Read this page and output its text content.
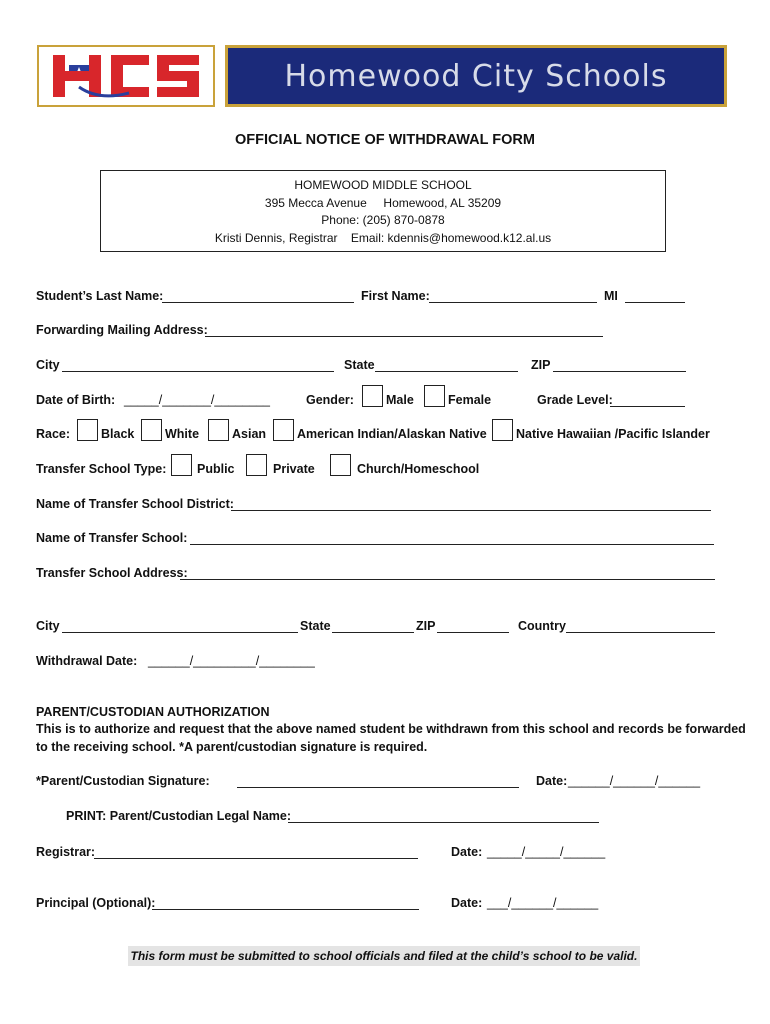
Homewood City Schools
OFFICIAL NOTICE OF WITHDRAWAL FORM
HOMEWOOD MIDDLE SCHOOL
395 Mecca Avenue     Homewood, AL 35209
Phone: (205) 870-0878
Kristi Dennis, Registrar    Email: kdennis@homewood.k12.al.us
Student’s Last Name:	First Name:	MI
Forwarding Mailing Address:
City	State	ZIP
Date of Birth: _____/_______/________	Gender:	Male	Female	Grade Level:
Race: Black White	Asian American Indian/Alaskan Native Native Hawaiian /Pacific Islander
Transfer School Type: Public	Private	Church/Homeschool
Name of Transfer School District:
Name of Transfer School:
Transfer School Address:
City	State	ZIP	Country
Withdrawal Date: ______/_________/________
PARENT/CUSTODIAN AUTHORIZATION
This is to authorize and request that the above named student be withdrawn from this school and records be forwarded
to the receiving school. *A parent/custodian signature is required.
*Parent/Custodian Signature:	Date: ______/______/______
PRINT: Parent/Custodian Legal Name:
Registrar:	Date: _____/_____/______
Principal (Optional):	Date: ___/______/______
This form must be submitted to school officials and filed at the child’s school to be valid.
